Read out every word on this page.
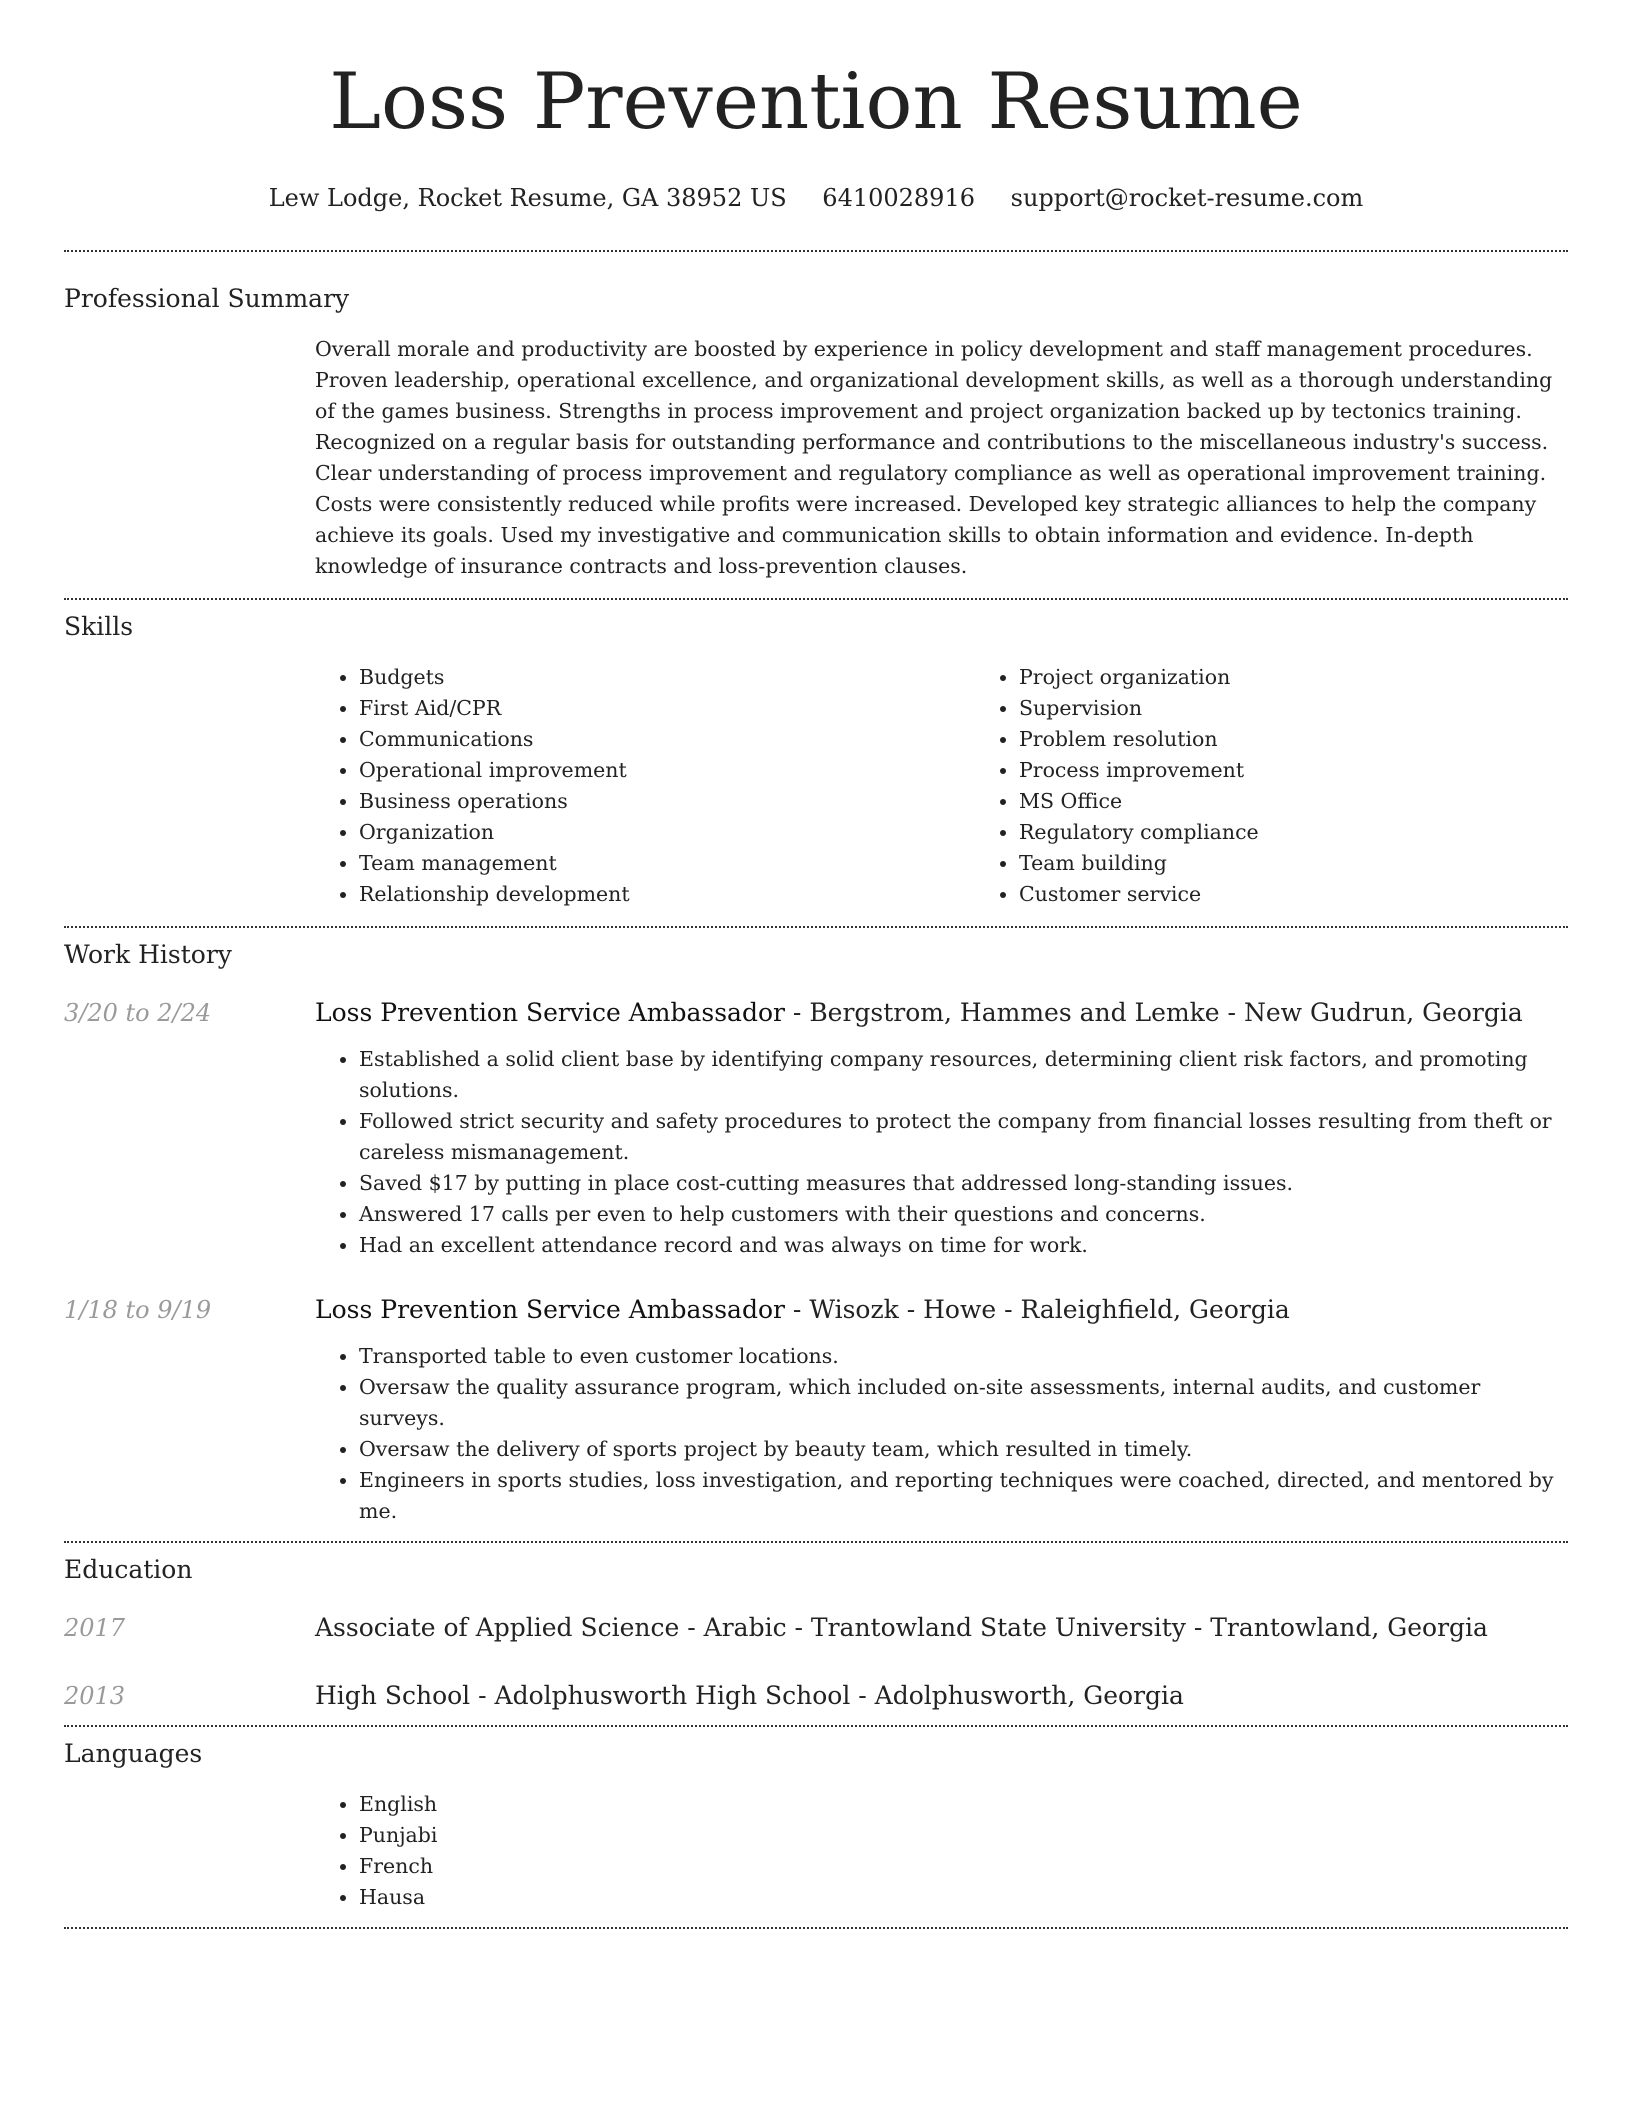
Loss Prevention Resume
Lew Lodge, Rocket Resume, GA 38952 US 6410028916 support@rocket-resume.com
Professional Summary

Overall morale and productivity are boosted by experience in policy development and staff management procedures. Proven leadership, operational excellence, and organizational development skills, as well as a thorough understanding of the games business. Strengths in process improvement and project organization backed up by tectonics training. Recognized on a regular basis for outstanding performance and contributions to the miscellaneous industry's success. Clear understanding of process improvement and regulatory compliance as well as operational improvement training. Costs were consistently reduced while profits were increased. Developed key strategic alliances to help the company achieve its goals. Used my investigative and communication skills to obtain information and evidence. In-depth knowledge of insurance contracts and loss-prevention clauses.

Skills
• Budgets
• First Aid/CPR
• Communications
• Operational improvement
• Business operations
• Organization
• Team management
• Relationship development
• Project organization
• Supervision
• Problem resolution
• Process improvement
• MS Office
• Regulatory compliance
• Team building
• Customer service
Work History
3/20 to 2/24	Loss Prevention Service Ambassador - Bergstrom, Hammes and Lemke - New Gudrun, Georgia
• Established a solid client base by identifying company resources, determining client risk factors, and promoting solutions.
• Followed strict security and safety procedures to protect the company from financial losses resulting from theft or careless mismanagement.
• Saved $17 by putting in place cost-cutting measures that addressed long-standing issues.
• Answered 17 calls per even to help customers with their questions and concerns.
• Had an excellent attendance record and was always on time for work.
1/18 to 9/19	Loss Prevention Service Ambassador - Wisozk - Howe - Raleighfield, Georgia
• Transported table to even customer locations.
• Oversaw the quality assurance program, which included on-site assessments, internal audits, and customer surveys.
• Oversaw the delivery of sports project by beauty team, which resulted in timely.
• Engineers in sports studies, loss investigation, and reporting techniques were coached, directed, and mentored by me.
Education
2017	Associate of Applied Science - Arabic - Trantowland State University - Trantowland, Georgia
2013	High School - Adolphusworth High School - Adolphusworth, Georgia
Languages
• English
• Punjabi
• French
• Hausa
